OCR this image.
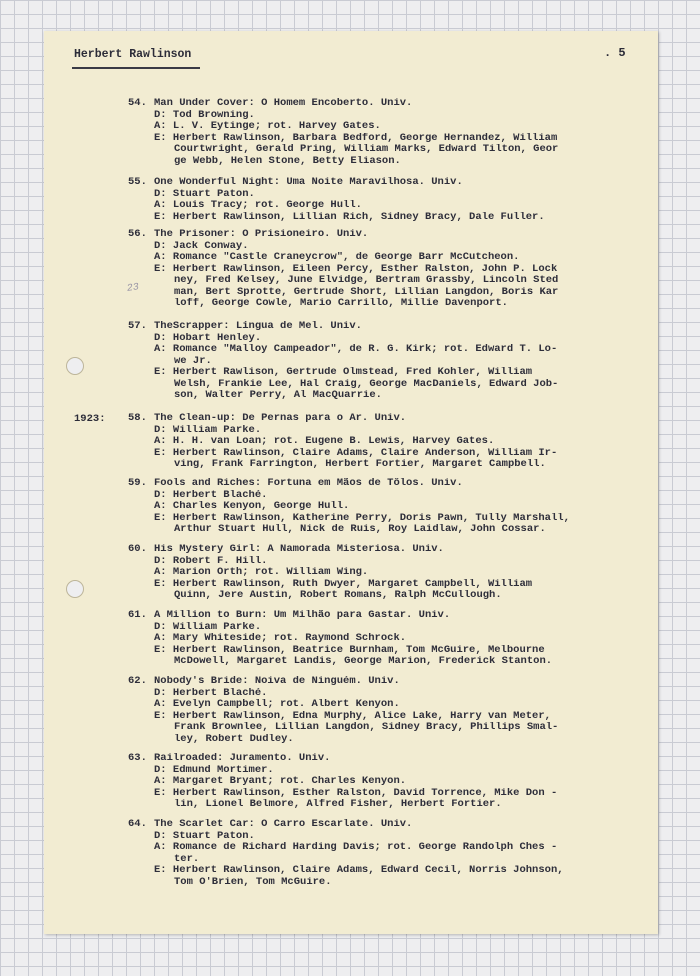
Herbert Rawlinson	. 5
23
1923:
54. Man Under Cover: O Homem Encoberto. Univ.
D: Tod Browning.
A: L. V. Eytinge; rot. Harvey Gates.
E: Herbert Rawlinson, Barbara Bedford, George Hernandez, William
Courtwright, Gerald Pring, William Marks, Edward Tilton, Geor
ge Webb, Helen Stone, Betty Eliason.
55. One Wonderful Night: Uma Noite Maravilhosa. Univ.
D: Stuart Paton.
A: Louis Tracy; rot. George Hull.
E: Herbert Rawlinson, Lillian Rich, Sidney Bracy, Dale Fuller.
56. The Prisoner: O Prisioneiro. Univ.
D: Jack Conway.
A: Romance "Castle Craneycrow", de George Barr McCutcheon.
E: Herbert Rawlinson, Eileen Percy, Esther Ralston, John P. Lock
ney, Fred Kelsey, June Elvidge, Bertram Grassby, Lincoln Sted
man, Bert Sprotte, Gertrude Short, Lillian Langdon, Boris Kar
loff, George Cowle, Mario Carrillo, Millie Davenport.
57. TheScrapper: Língua de Mel. Univ.
D: Hobart Henley.
A: Romance "Malloy Campeador", de R. G. Kirk; rot. Edward T. Lo-
we Jr.
E: Herbert Rawlison, Gertrude Olmstead, Fred Kohler, William
Welsh, Frankie Lee, Hal Craig, George MacDaniels, Edward Job-
son, Walter Perry, Al MacQuarrie.
58. The Clean-up: De Pernas para o Ar. Univ.
D: William Parke.
A: H. H. van Loan; rot. Eugene B. Lewis, Harvey Gates.
E: Herbert Rawlinson, Claire Adams, Claire Anderson, William Ir-
ving, Frank Farrington, Herbert Fortier, Margaret Campbell.
59. Fools and Riches: Fortuna em Mãos de Tôlos. Univ.
D: Herbert Blaché.
A: Charles Kenyon, George Hull.
E: Herbert Rawlinson, Katherine Perry, Doris Pawn, Tully Marshall,
Arthur Stuart Hull, Nick de Ruis, Roy Laidlaw, John Cossar.
60. His Mystery Girl: A Namorada Misteriosa. Univ.
D: Robert F. Hill.
A: Marion Orth; rot. William Wing.
E: Herbert Rawlinson, Ruth Dwyer, Margaret Campbell, William
Quinn, Jere Austin, Robert Romans, Ralph McCullough.
61. A Million to Burn: Um Milhão para Gastar. Univ.
D: William Parke.
A: Mary Whiteside; rot. Raymond Schrock.
E: Herbert Rawlinson, Beatrice Burnham, Tom McGuire, Melbourne
McDowell, Margaret Landis, George Marion, Frederick Stanton.
62. Nobody's Bride: Noiva de Ninguém. Univ.
D: Herbert Blaché.
A: Evelyn Campbell; rot. Albert Kenyon.
E: Herbert Rawlinson, Edna Murphy, Alice Lake, Harry van Meter,
Frank Brownlee, Lillian Langdon, Sidney Bracy, Phillips Smal-
ley, Robert Dudley.
63. Railroaded: Juramento. Univ.
D: Edmund Mortimer.
A: Margaret Bryant; rot. Charles Kenyon.
E: Herbert Rawlinson, Esther Ralston, David Torrence, Mike Don -
lin, Lionel Belmore, Alfred Fisher, Herbert Fortier.
64. The Scarlet Car: O Carro Escarlate. Univ.
D: Stuart Paton.
A: Romance de Richard Harding Davis; rot. George Randolph Ches -
ter.
E: Herbert Rawlinson, Claire Adams, Edward Cecil, Norris Johnson,
Tom O'Brien, Tom McGuire.
